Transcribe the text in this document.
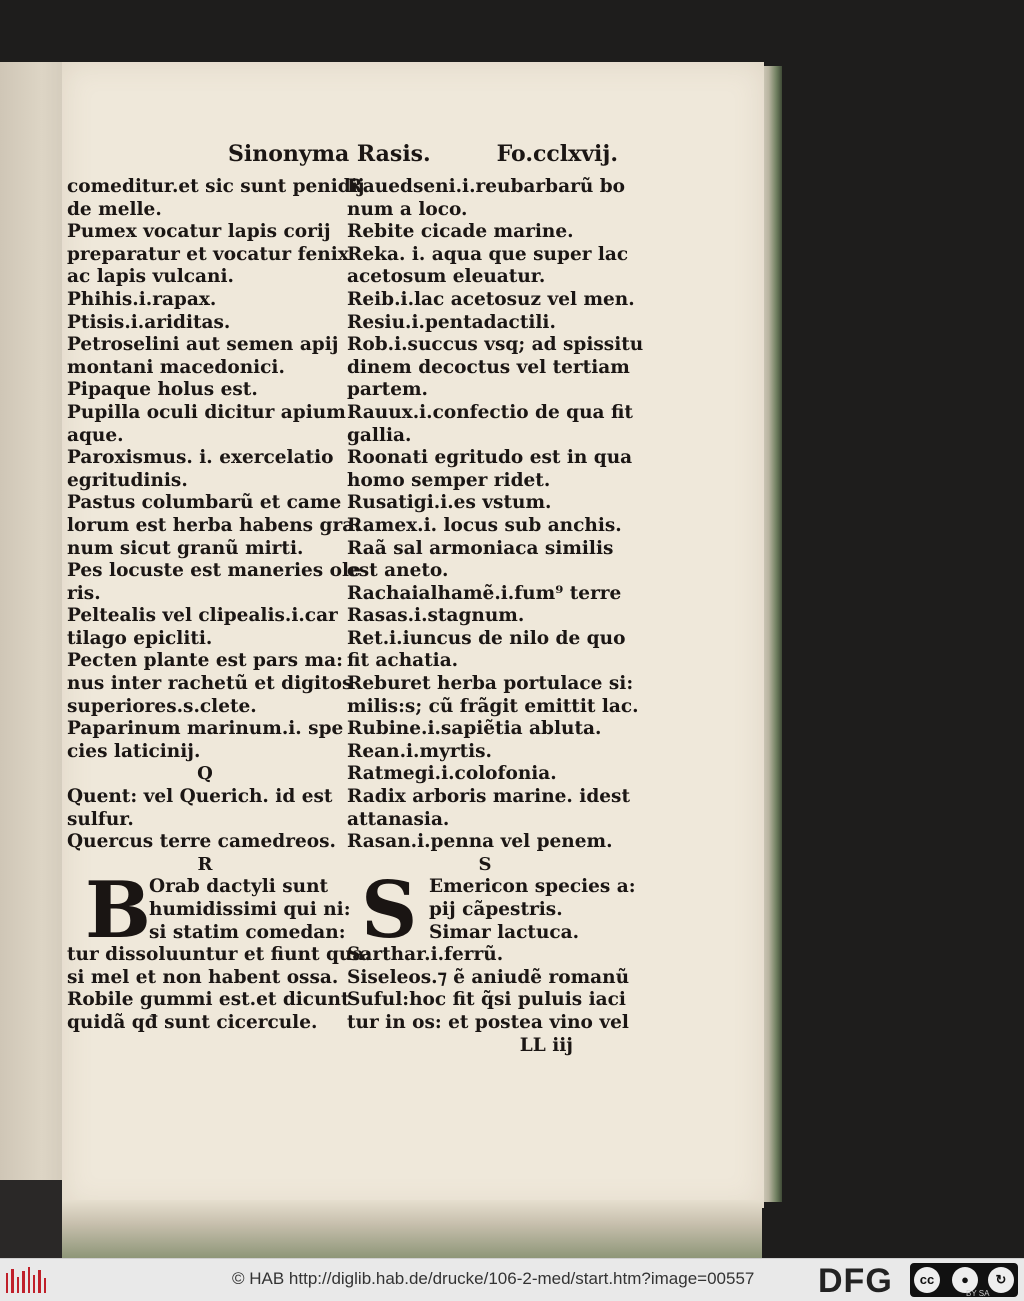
Sinonyma Rasis.	Fo.cclxvij.
comeditur.et sic sunt penidij
de melle.
Pumex vocatur lapis corij
preparatur et vocatur fenix
ac lapis vulcani.
Phihis.i.rapax.
Ptisis.i.ariditas.
Petroselini aut semen apij
montani macedonici.
Pipaque holus est.
Pupilla oculi dicitur apium
aque.
Paroxismus. i. exercelatio
egritudinis.
Pastus columbarũ et came
lorum est herba habens gra:
num sicut granũ mirti.
Pes locuste est maneries ole
ris.
Peltealis vel clipealis.i.car
tilago epicliti.
Pecten plante est pars ma:
nus inter rachetũ et digitos
superiores.s.clete.
Paparinum marinum.i. spe
cies laticinij.
Q
Quent: vel Querich. id est
sulfur.
Quercus terre camedreos.
R
B
Orab dactyli sunt
humidissimi qui ni:
si statim comedan:
tur dissoluuntur et fiunt qua:
si mel et non habent ossa.
Robile gummi est.et dicunt
quidã qđ sunt cicercule.
Rauedseni.i.reubarbarũ bo
num a loco.
Rebite cicade marine.
Reka. i. aqua que super lac
acetosum eleuatur.
Reib.i.lac acetosuz vel men.
Resiu.i.pentadactili.
Rob.i.succus vsq; ad spissitu
dinem decoctus vel tertiam
partem.
Rauux.i.confectio de qua fit
gallia.
Roonati egritudo est in qua
homo semper ridet.
Rusatigi.i.es vstum.
Ramex.i. locus sub anchis.
Raã sal armoniaca similis
est aneto.
Rachaialhamẽ.i.fum⁹ terre
Rasas.i.stagnum.
Ret.i.iuncus de nilo de quo
fit achatia.
Reburet herba portulace si:
milis:s; cũ frãgit emittit lac.
Rubine.i.sapiẽtia abluta.
Rean.i.myrtis.
Ratmegi.i.colofonia.
Radix arboris marine. idest
attanasia.
Rasan.i.penna vel penem.
S
S Emericon species a:
pij cãpestris.
Simar lactuca.
Sarthar.i.ferrũ.
Siseleos.⁊ ẽ aniudẽ romanũ
Suful:hoc fit q̃si puluis iaci
tur in os: et postea vino vel
LL iij
© HAB http://diglib.hab.de/drucke/106-2-med/start.htm?image=00557 DFG	cc	●	↻
BY SA
